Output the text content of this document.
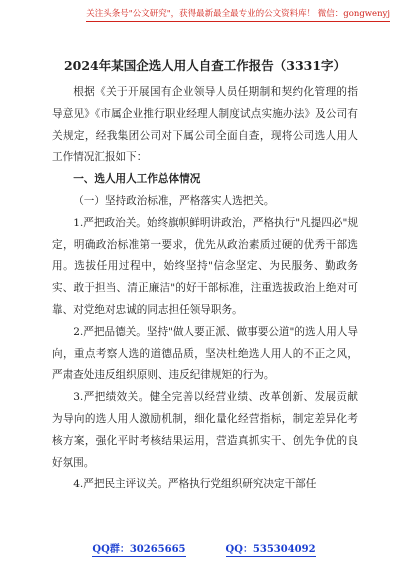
关注头条号"公文研究"，获得最新最全最专业的公文资料库！ 微信：gongwenyj
2024年某国企选人用人自查工作报告（3331字）

根据《关于开展国有企业领导人员任期制和契约化管理的指导意见》《市属企业推行职业经理人制度试点实施办法》及公司有关规定，经我集团公司对下属公司全面自查，现将公司选人用人工作情况汇报如下：

一、选人用人工作总体情况

（一）坚持政治标准，严格落实人选把关。

1.严把政治关。始终旗帜鲜明讲政治，严格执行"凡提四必"规定，明确政治标准第一要求，优先从政治素质过硬的优秀干部选用。选拔任用过程中，始终坚持"信念坚定、为民服务、勤政务实、敢于担当、清正廉洁"的好干部标准，注重选拔政治上绝对可靠、对党绝对忠诚的同志担任领导职务。

2.严把品德关。坚持"做人要正派、做事要公道"的选人用人导向，重点考察人选的道德品质，坚决杜绝选人用人的不正之风，严肃查处违反组织原则、违反纪律规矩的行为。

3.严把绩效关。健全完善以经营业绩、改革创新、发展贡献为导向的选人用人激励机制，细化量化经营指标，制定差异化考核方案，强化平时考核结果运用，营造真抓实干、创先争优的良好氛围。

4.严把民主评议关。严格执行党组织研究决定干部任

QQ群：30265665	QQ：535304092
